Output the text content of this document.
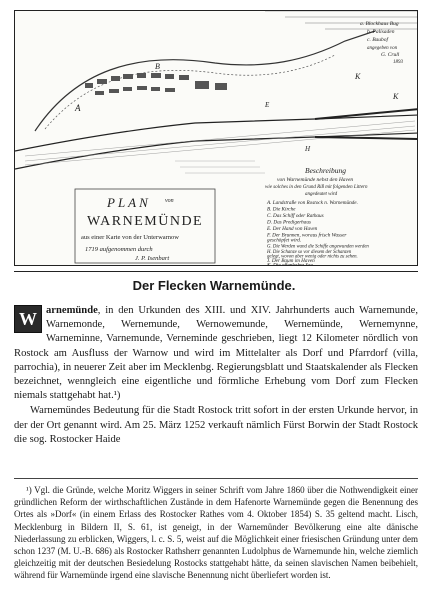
A
B
K
K
E
H
PLAN von
WARNEMÜNDE
aus einer Karte von der Unterwarnow
1719 aufgenommen durch
J. P. Isenbart
Beschreibung
von Warnemünde nebst den Haven
wie solches in den Grund Riß mit folgenden Littern
angedeutet wird
A. Landstraße von Rostock n. Warnemünde.
B. Die Kirche
C. Das Schiff oder Rathaus
D. Das Predigerhaus
E. Der Hand von Haven
F. Der Brunnen, woraus frisch Wasser
geschöpfet wird.
G. Die Werden wand die Schiffe angewunden werden
H. Die Schanze so vor diesem der Schanzen
gelegt, wovon aber wenig oder nichts zu sehen.
J. Der Baum im Haven
K. Die offenbahre See.
a. Blockhaus Bug
b. Palisaden
c. Baubof
angegeben von
G. Crull
1893
Der Flecken Warnemünde.

W arnemünde, in den Urkunden des XIII. und XIV. Jahrhunderts auch Warnemunde, Warnemonde, Wernemunde, Wernowemunde, Wernemünde, Wernemynne, Warneminne, Varnemunde, Verneminde geschrieben, liegt 12 Kilometer nördlich von Rostock am Ausfluss der Warnow und wird im Mittelalter als Dorf und Pfarrdorf (villa, parrochia), in neuerer Zeit aber im Mecklenbg. Regierungsblatt und Staatskalender als Flecken bezeichnet, wenngleich eine eigentliche und förmliche Erhebung vom Dorf zum Flecken niemals stattgehabt hat.¹)

Warnemündes Bedeutung für die Stadt Rostock tritt sofort in der ersten Urkunde hervor, in der der Ort genannt wird. Am 25. März 1252 verkauft nämlich Fürst Borwin der Stadt Rostock die sog. Rostocker Haide

¹) Vgl. die Gründe, welche Moritz Wiggers in seiner Schrift vom Jahre 1860 über die Nothwendigkeit einer gründlichen Reform der wirthschaftlichen Zustände in dem Hafenorte Warnemünde gegen die Benennung des Ortes als »Dorf« (in einem Erlass des Rostocker Rathes vom 4. Oktober 1854) S. 35 geltend macht. Lisch, Mecklenburg in Bildern II, S. 61, ist geneigt, in der Warnemünder Bevölkerung eine alte dänische Niederlassung zu erblicken, Wiggers, l. c. S. 5, weist auf die Möglichkeit einer friesischen Gründung unter dem schon 1237 (M. U.-B. 686) als Rostocker Rathsherr genannten Ludolphus de Warnemunde hin, welche ziemlich gleichzeitig mit der deutschen Besiedelung Rostocks stattgehabt hätte, da seinen slavischen Namen beibehielt, während für Warnemünde irgend eine slavische Benennung nicht überliefert worden ist.
